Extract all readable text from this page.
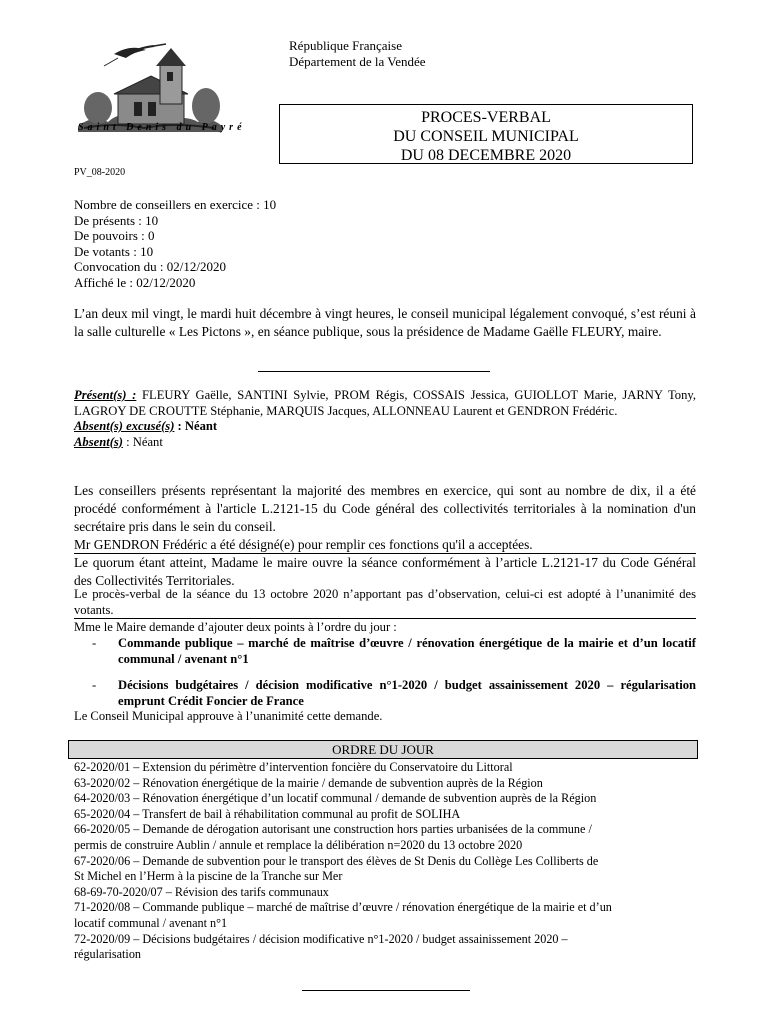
Saint Denis du Payré
République Française
Département de la Vendée
PROCES-VERBAL
DU CONSEIL MUNICIPAL
DU 08 DECEMBRE 2020
PV_08-2020
Nombre de conseillers en exercice : 10
De présents : 10
De pouvoirs : 0
De votants : 10
Convocation du : 02/12/2020
Affiché le : 02/12/2020
L’an deux mil vingt, le mardi huit décembre à vingt heures, le conseil municipal légalement convoqué, s’est réuni à la salle culturelle « Les Pictons », en séance publique, sous la présidence de Madame Gaëlle FLEURY, maire.
Présent(s) : FLEURY Gaëlle, SANTINI Sylvie, PROM Régis, COSSAIS Jessica, GUIOLLOT Marie, JARNY Tony, LAGROY DE CROUTTE Stéphanie, MARQUIS Jacques, ALLONNEAU Laurent et GENDRON Frédéric.
Absent(s) excusé(s) : Néant
Absent(s) : Néant
Les conseillers présents représentant la majorité des membres en exercice, qui sont au nombre de dix, il a été procédé conformément à l'article L.2121-15 du Code général des collectivités territoriales à la nomination d'un secrétaire pris dans le sein du conseil.
Mr GENDRON Frédéric a été désigné(e) pour remplir ces fonctions qu'il a acceptées.
Le quorum étant atteint, Madame le maire ouvre la séance conformément à l’article L.2121-17 du Code Général des Collectivités Territoriales.
Le procès-verbal de la séance du 13 octobre 2020 n’apportant pas d’observation, celui-ci est adopté à l’unanimité des votants.
Mme le Maire demande d’ajouter deux points à l’ordre du jour :
- Commande publique – marché de maîtrise d’œuvre / rénovation énergétique de la mairie et d’un locatif communal / avenant n°1
- Décisions budgétaires / décision modificative n°1-2020 / budget assainissement 2020 – régularisation emprunt Crédit Foncier de France
Le Conseil Municipal approuve à l’unanimité cette demande.
ORDRE DU JOUR
62-2020/01 – Extension du périmètre d’intervention foncière du Conservatoire du Littoral
63-2020/02 – Rénovation énergétique de la mairie / demande de subvention auprès de la Région
64-2020/03 – Rénovation énergétique d’un locatif communal / demande de subvention auprès de la Région
65-2020/04 – Transfert de bail à réhabilitation communal au profit de SOLIHA
66-2020/05 – Demande de dérogation autorisant une construction hors parties urbanisées de la commune /
permis de construire Aublin / annule et remplace la délibération n=2020 du 13 octobre 2020
67-2020/06 – Demande de subvention pour le transport des élèves de St Denis du Collège Les Colliberts de
St Michel en l’Herm à la piscine de la Tranche sur Mer
68-69-70-2020/07 – Révision des tarifs communaux
71-2020/08 – Commande publique – marché de maîtrise d’œuvre / rénovation énergétique de la mairie et d’un
locatif communal / avenant n°1
72-2020/09 – Décisions budgétaires / décision modificative n°1-2020 / budget assainissement 2020 –
régularisation
